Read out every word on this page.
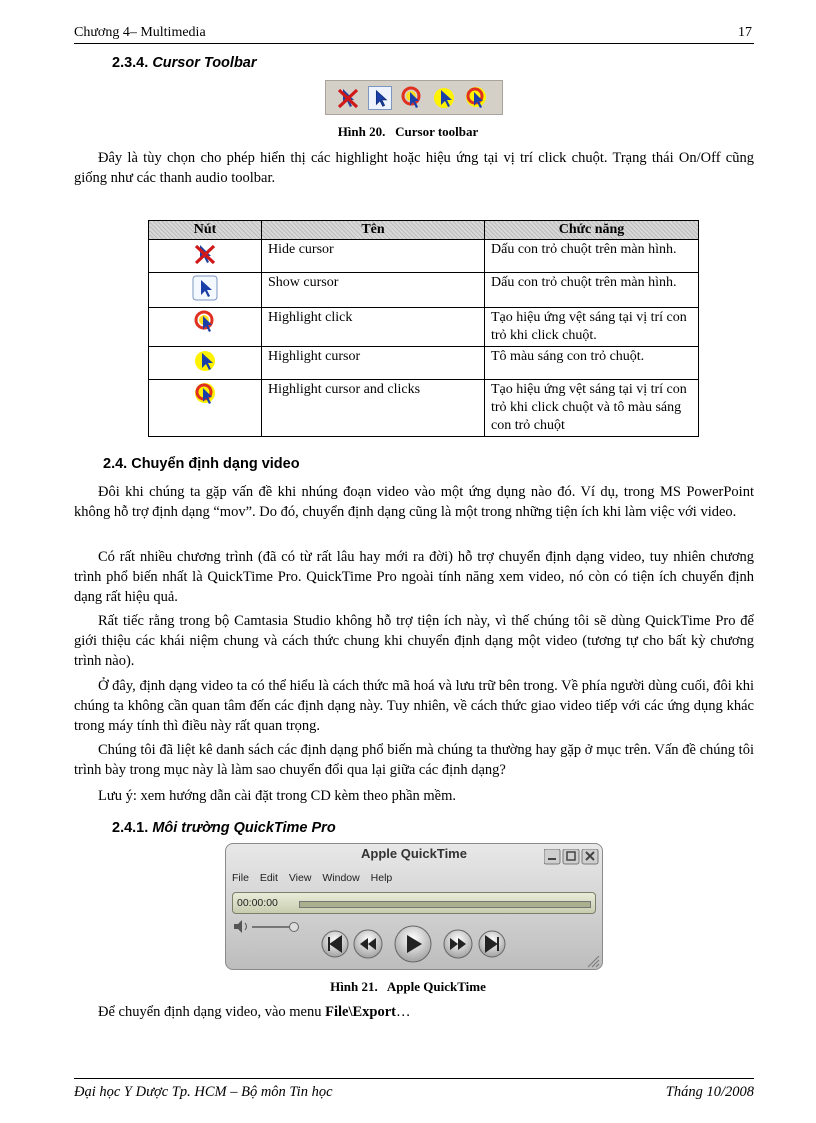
Chương 4– Multimedia	17
2.3.4. Cursor Toolbar
Hình 20. Cursor toolbar
Đây là tùy chọn cho phép hiển thị các highlight hoặc hiệu ứng tại vị trí click chuột. Trạng thái On/Off cũng giống như các thanh audio toolbar.
Nút	Tên	Chức năng
	Hide cursor	Dấu con trỏ chuột trên màn hình.
	Show cursor	Dấu con trỏ chuột trên màn hình.
	Highlight click	Tạo hiệu ứng vệt sáng tại vị trí con trỏ khi click chuột.
	Highlight cursor	Tô màu sáng con trỏ chuột.
	Highlight cursor and clicks	Tạo hiệu ứng vệt sáng tại vị trí con trỏ khi click chuột và tô màu sáng con trỏ chuột
2.4. Chuyển định dạng video
Đôi khi chúng ta gặp vấn đề khi nhúng đoạn video vào một ứng dụng nào đó. Ví dụ, trong MS PowerPoint không hỗ trợ định dạng “mov”. Do đó, chuyển định dạng cũng là một trong những tiện ích khi làm việc với video.
Có rất nhiều chương trình (đã có từ rất lâu hay mới ra đời) hỗ trợ chuyển định dạng video, tuy nhiên chương trình phổ biến nhất là QuickTime Pro. QuickTime Pro ngoài tính năng xem video, nó còn có tiện ích chuyển định dạng rất hiệu quả.
Rất tiếc rằng trong bộ Camtasia Studio không hỗ trợ tiện ích này, vì thế chúng tôi sẽ dùng QuickTime Pro để giới thiệu các khái niệm chung và cách thức chung khi chuyển định dạng một video (tương tự cho bất kỳ chương trình nào).
Ở đây, định dạng video ta có thể hiểu là cách thức mã hoá và lưu trữ bên trong. Về phía người dùng cuối, đôi khi chúng ta không cần quan tâm đến các định dạng này. Tuy nhiên, về cách thức giao video tiếp với các ứng dụng khác trong máy tính thì điều này rất quan trọng.
Chúng tôi đã liệt kê danh sách các định dạng phổ biến mà chúng ta thường hay gặp ở mục trên. Vấn đề chúng tôi trình bày trong mục này là làm sao chuyển đổi qua lại giữa các định dạng?
Lưu ý: xem hướng dẫn cài đặt trong CD kèm theo phần mềm.
2.4.1. Môi trường QuickTime Pro
Apple QuickTime
File Edit View Window Help
00:00:00
Hình 21. Apple QuickTime
Để chuyển định dạng video, vào menu File\Export…
Đại học Y Dược Tp. HCM – Bộ môn Tin học	Tháng 10/2008
